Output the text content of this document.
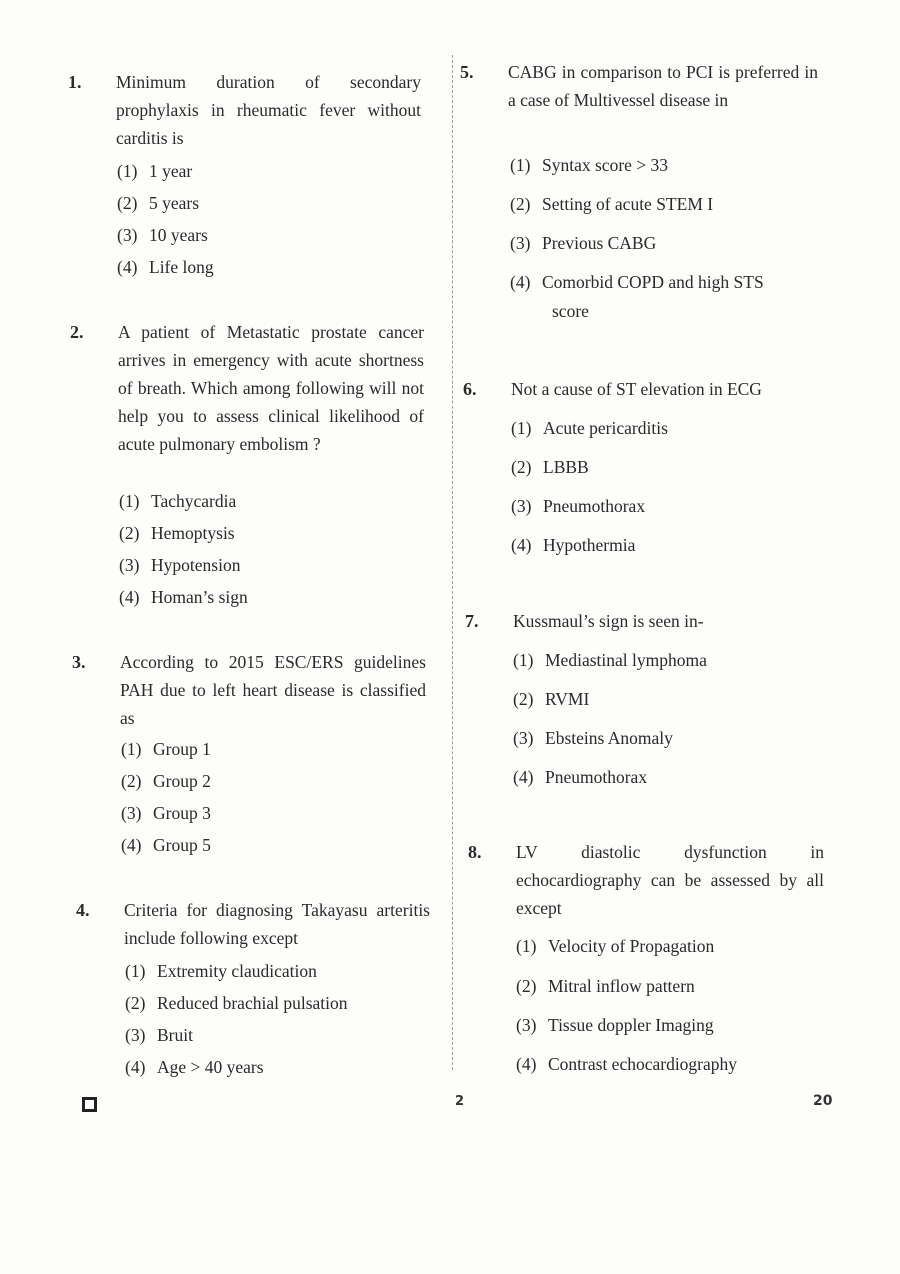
1. Minimum duration of secondary prophylaxis in rheumatic fever without carditis is
(1) 1 year
(2) 5 years
(3) 10 years
(4) Life long
2. A patient of Metastatic prostate cancer arrives in emergency with acute shortness of breath. Which among following will not help you to assess clinical likelihood of acute pulmonary embolism ?
(1) Tachycardia
(2) Hemoptysis
(3) Hypotension
(4) Homan’s sign
3. According to 2015 ESC/ERS guidelines PAH due to left heart disease is classified as
(1) Group 1
(2) Group 2
(3) Group 3
(4) Group 5
4. Criteria for diagnosing Takayasu arteritis include following except
(1) Extremity claudication
(2) Reduced brachial pulsation
(3) Bruit
(4) Age > 40 years
5. CABG in comparison to PCI is preferred in a case of Multivessel disease in
(1) Syntax score > 33
(2) Setting of acute STEM I
(3) Previous CABG
(4) Comorbid COPD and high STS
score
6. Not a cause of ST elevation in ECG
(1) Acute pericarditis
(2) LBBB
(3) Pneumothorax
(4) Hypothermia
7. Kussmaul’s sign is seen in-
(1) Mediastinal lymphoma
(2) RVMI
(3) Ebsteins Anomaly
(4) Pneumothorax
8. LV diastolic dysfunction in echocardiography can be assessed by all except
(1) Velocity of Propagation
(2) Mitral inflow pattern
(3) Tissue doppler Imaging
(4) Contrast echocardiography
2	20
